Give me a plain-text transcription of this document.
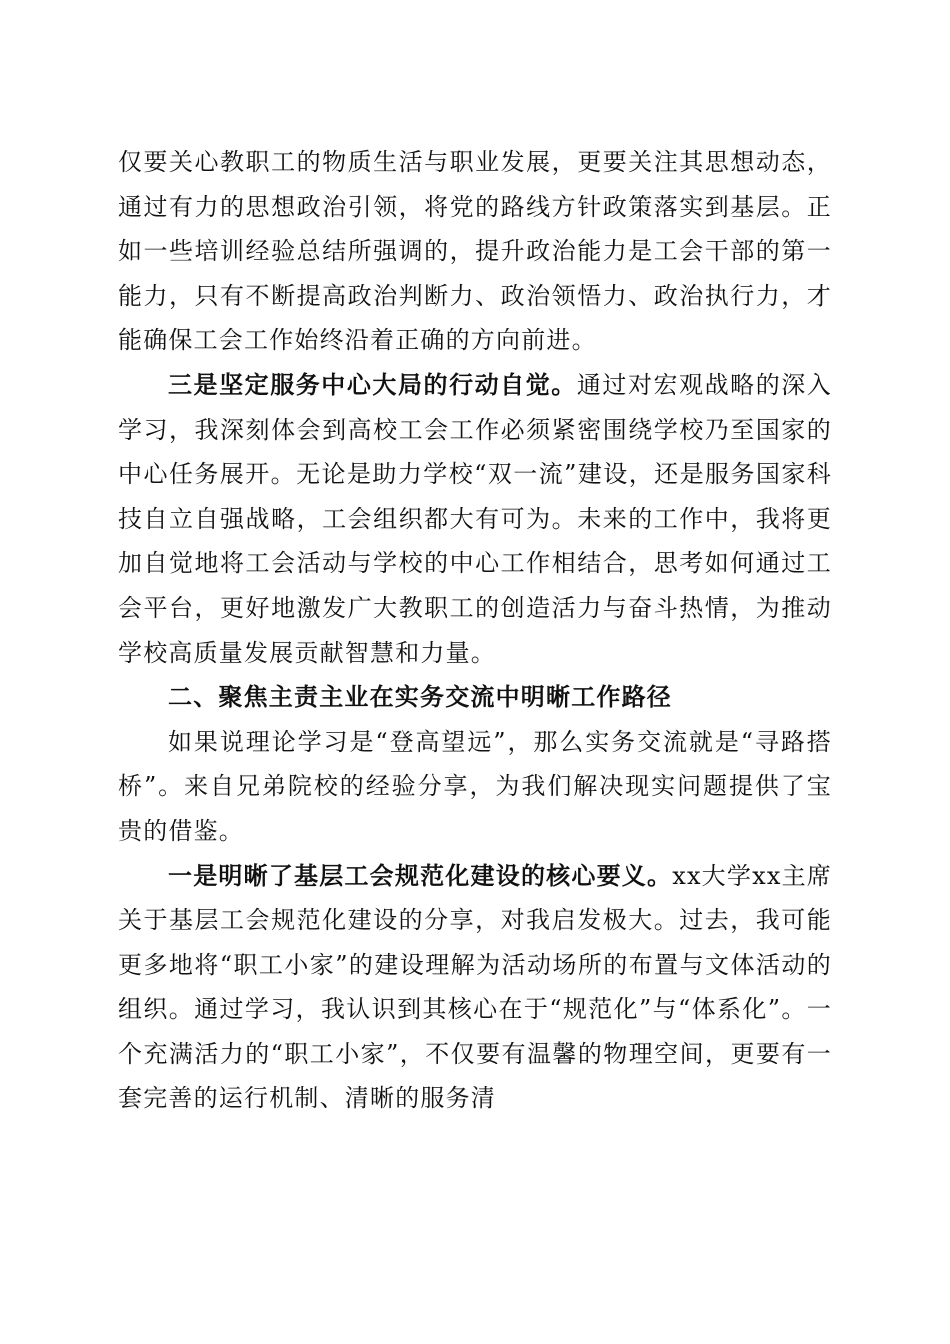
仅要关心教职工的物质生活与职业发展，更要关注其思想动态，通过有力的思想政治引领，将党的路线方针政策落实到基层。正如一些培训经验总结所强调的，提升政治能力是工会干部的第一能力，只有不断提高政治判断力、政治领悟力、政治执行力，才能确保工会工作始终沿着正确的方向前进。

三是坚定服务中心大局的行动自觉。通过对宏观战略的深入学习，我深刻体会到高校工会工作必须紧密围绕学校乃至国家的中心任务展开。无论是助力学校“双一流”建设，还是服务国家科技自立自强战略，工会组织都大有可为。未来的工作中，我将更加自觉地将工会活动与学校的中心工作相结合，思考如何通过工会平台，更好地激发广大教职工的创造活力与奋斗热情，为推动学校高质量发展贡献智慧和力量。

二、聚焦主责主业在实务交流中明晰工作路径

如果说理论学习是“登高望远”，那么实务交流就是“寻路搭桥”。来自兄弟院校的经验分享，为我们解决现实问题提供了宝贵的借鉴。

一是明晰了基层工会规范化建设的核心要义。xx大学xx主席关于基层工会规范化建设的分享，对我启发极大。过去，我可能更多地将“职工小家”的建设理解为活动场所的布置与文体活动的组织。通过学习，我认识到其核心在于“规范化”与“体系化”。一个充满活力的“职工小家”，不仅要有温馨的物理空间，更要有一套完善的运行机制、清晰的服务清
